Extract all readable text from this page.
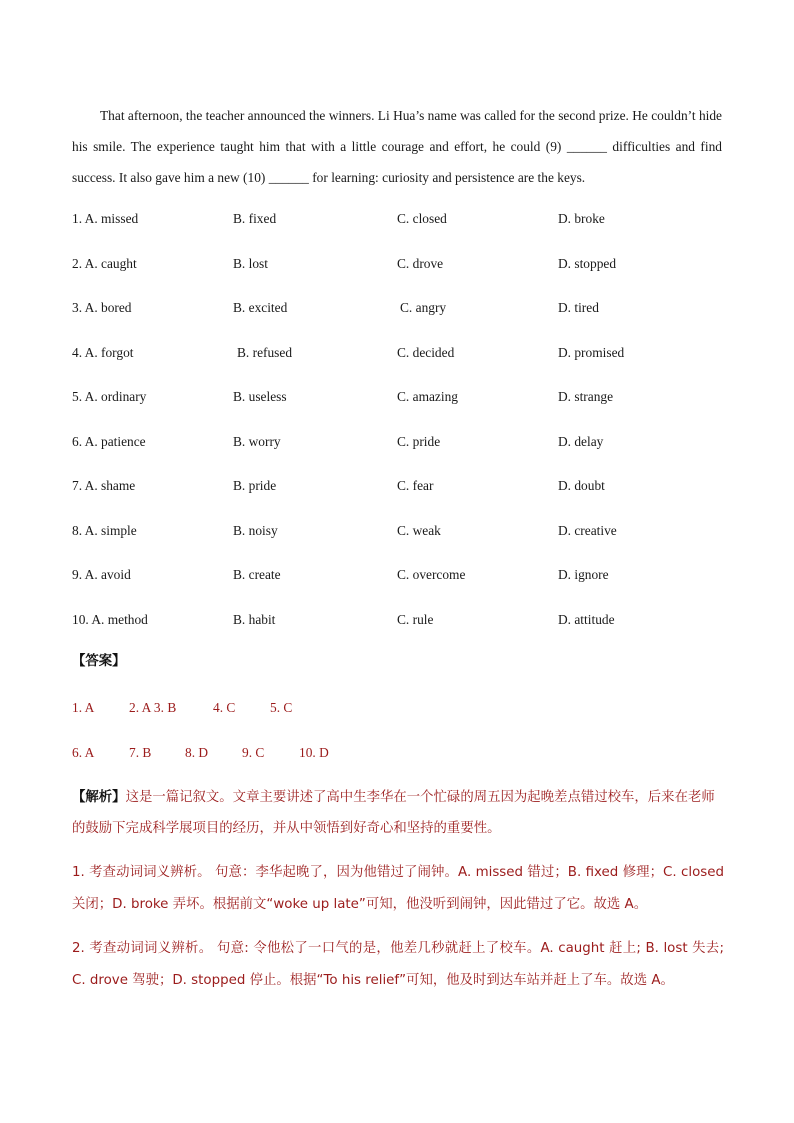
That afternoon, the teacher announced the winners. Li Hua’s name was called for the second prize. He couldn’t hide his smile. The experience taught him that with a little courage and effort, he could (9) ______ difficulties and find success. It also gave him a new (10) ______ for learning: curiosity and persistence are the keys.

1. A. missed	B. fixed	C. closed	D. broke
2. A. caught	B. lost	C. drove	D. stopped
3. A. bored	B. excited	C. angry	D. tired
4. A. forgot	B. refused	C. decided	D. promised
5. A. ordinary	B. useless	C. amazing	D. strange
6. A. patience	B. worry	C. pride	D. delay
7. A. shame	B. pride	C. fear	D. doubt
8. A. simple	B. noisy	C. weak	D. creative
9. A. avoid	B. create	C. overcome	D. ignore
10. A. method	B. habit	C. rule	D. attitude
【答案】
1. A	2. A 3. B	4. C	5. C
6. A	7. B	8. D	9. C	10. D
【解析】这是一篇记叙文。文章主要讲述了高中生李华在一个忙碌的周五因为起晚差点错过校车，后来在老师的鼓励下完成科学展项目的经历，并从中领悟到好奇心和坚持的重要性。
1. 考查动词词义辨析。 句意：李华起晚了，因为他错过了闹钟。A. missed 错过；B. fixed 修理；C. closed 关闭；D. broke 弄坏。根据前文“woke up late”可知，他没听到闹钟，因此错过了它。故选 A。
2. 考查动词词义辨析。 句意: 令他松了一口气的是，他差几秒就赶上了校车。A. caught 赶上; B. lost 失去; C. drove 驾驶；D. stopped 停止。根据“To his relief”可知，他及时到达车站并赶上了车。故选 A。
